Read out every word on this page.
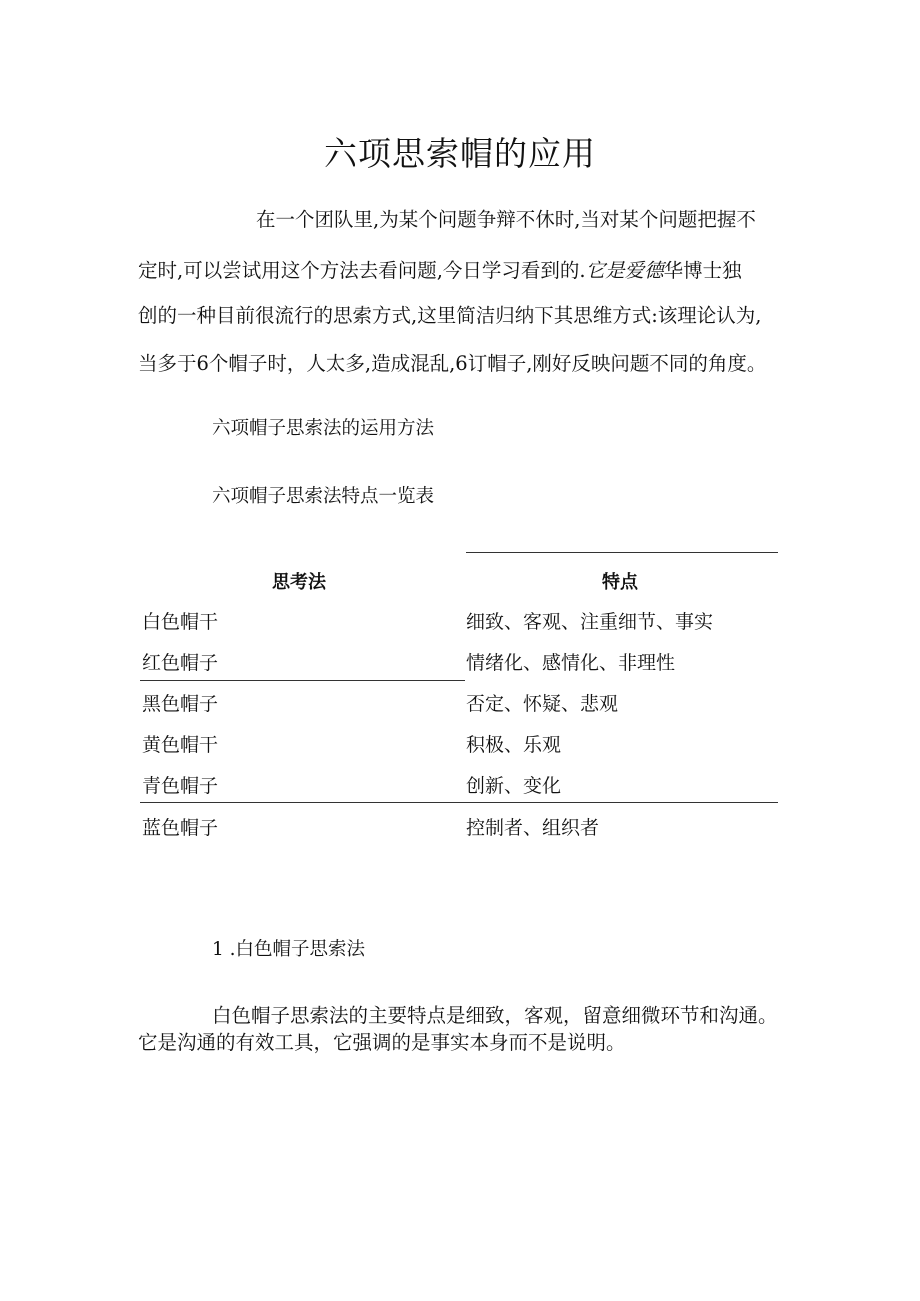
六项思索帽的应用
在一个团队里,为某个问题争辩不休时,当对某个问题把握不
定时,可以尝试用这个方法去看问题,今日学习看到的.它是爱德华博士独
创的一种目前很流行的思索方式,这里简洁归纳下其思维方式:该理论认为,
当多于6个帽子时，人太多,造成混乱,6订帽子,刚好反映问题不同的角度。
六项帽子思索法的运用方法
六项帽子思索法特点一览表
思考法	特点
白色帽干	细致、客观、注重细节、事实
红色帽子	情绪化、感情化、非理性
黑色帽子	否定、怀疑、悲观
黄色帽干	积极、乐观
青色帽子	创新、变化
蓝色帽子	控制者、组织者
1 .白色帽子思索法
白色帽子思索法的主要特点是细致，客观，留意细微环节和沟通。
它是沟通的有效工具，它强调的是事实本身而不是说明。
